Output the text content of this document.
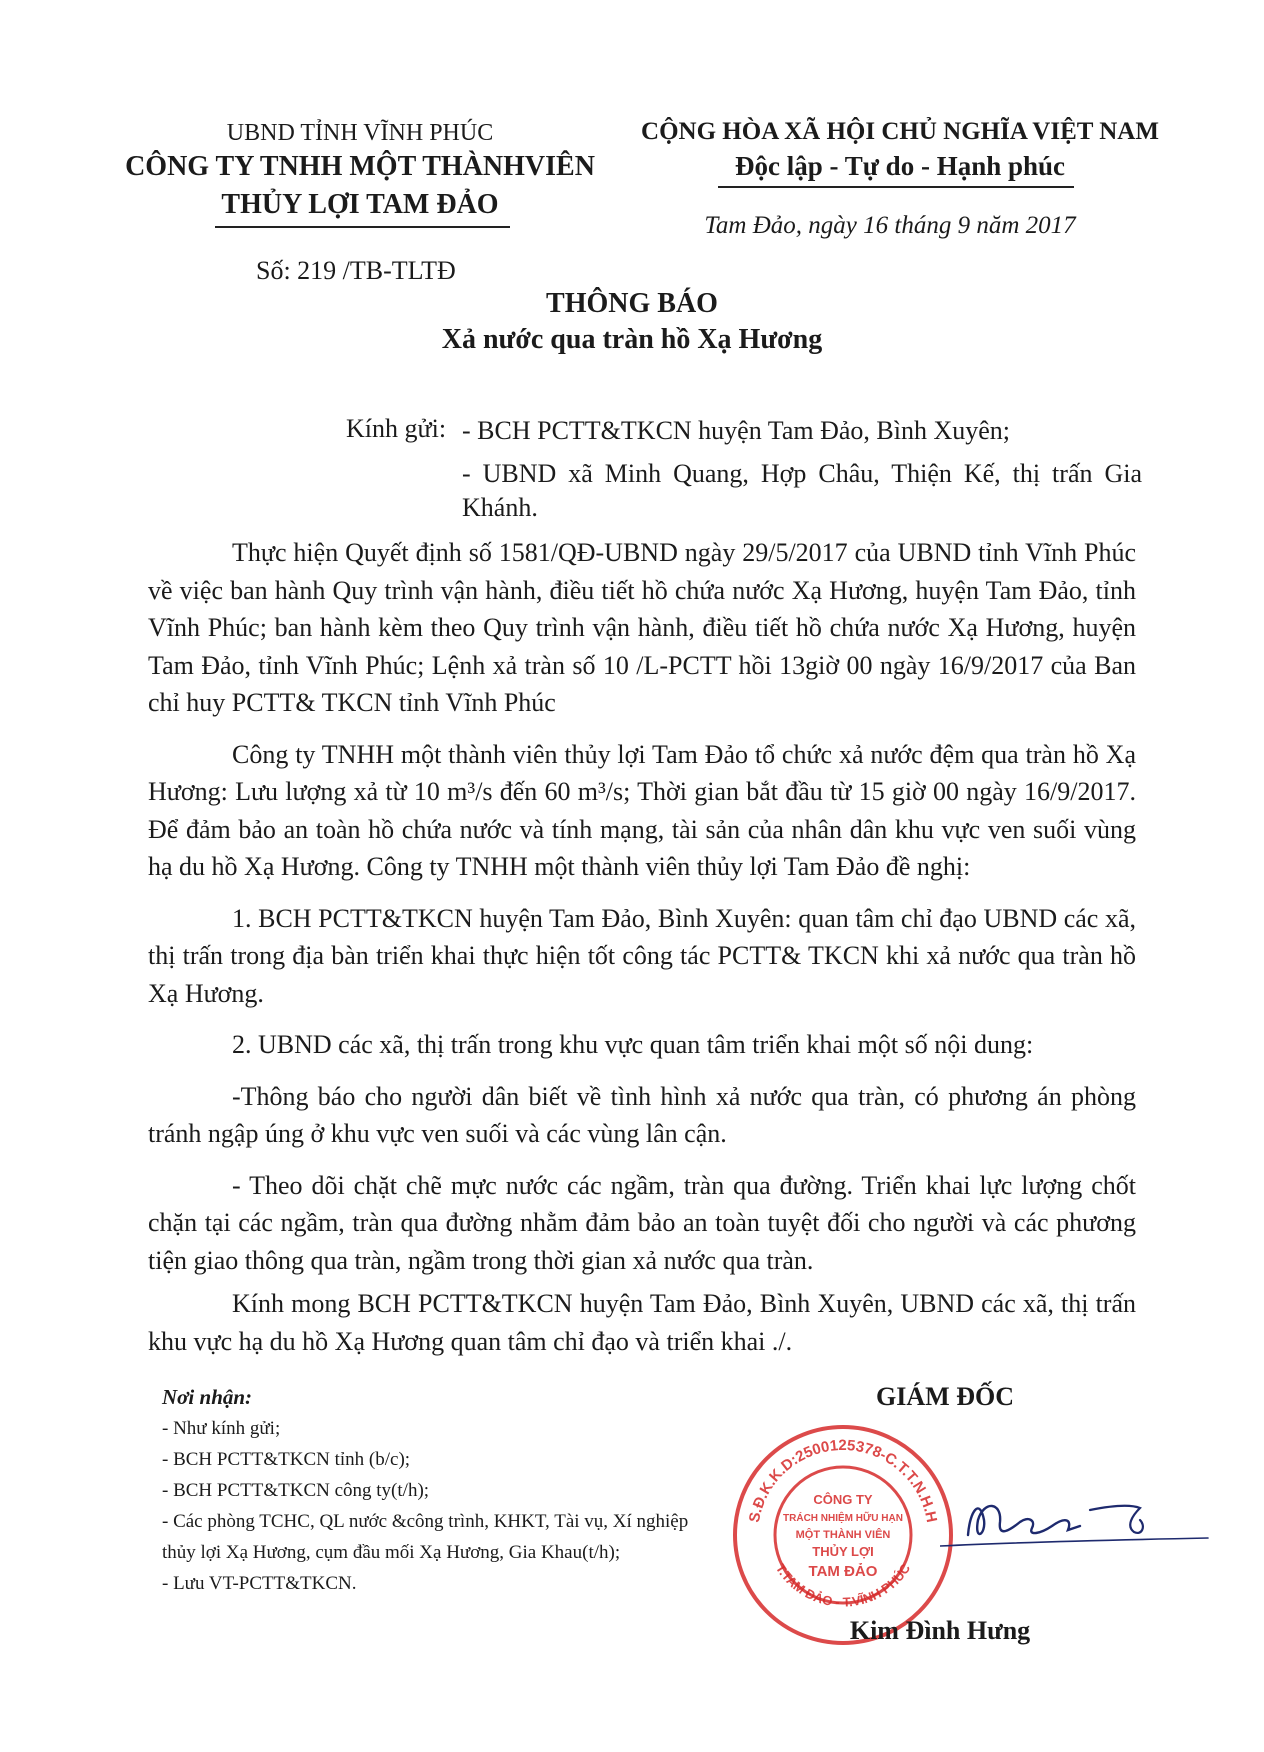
UBND TỈNH VĨNH PHÚC
CÔNG TY TNHH MỘT THÀNHVIÊN
THỦY LỢI TAM ĐẢO
Số: 219 /TB-TLTĐ
CỘNG HÒA XÃ HỘI CHỦ NGHĨA VIỆT NAM
Độc lập - Tự do - Hạnh phúc
Tam Đảo, ngày 16 tháng 9 năm 2017
THÔNG BÁO
Xả nước qua tràn hồ Xạ Hương
Kính gửi: - BCH PCTT&TKCN huyện Tam Đảo, Bình Xuyên;
- UBND xã Minh Quang, Hợp Châu, Thiện Kế, thị trấn Gia Khánh.

Thực hiện Quyết định số 1581/QĐ-UBND ngày 29/5/2017 của UBND tỉnh Vĩnh Phúc về việc ban hành Quy trình vận hành, điều tiết hồ chứa nước Xạ Hương, huyện Tam Đảo, tỉnh Vĩnh Phúc; ban hành kèm theo Quy trình vận hành, điều tiết hồ chứa nước Xạ Hương, huyện Tam Đảo, tỉnh Vĩnh Phúc; Lệnh xả tràn số 10 /L-PCTT hồi 13giờ 00 ngày 16/9/2017 của Ban chỉ huy PCTT& TKCN tỉnh Vĩnh Phúc

Công ty TNHH một thành viên thủy lợi Tam Đảo tổ chức xả nước đệm qua tràn hồ Xạ Hương: Lưu lượng xả từ 10 m³/s đến 60 m³/s; Thời gian bắt đầu từ 15 giờ 00 ngày 16/9/2017. Để đảm bảo an toàn hồ chứa nước và tính mạng, tài sản của nhân dân khu vực ven suối vùng hạ du hồ Xạ Hương. Công ty TNHH một thành viên thủy lợi Tam Đảo đề nghị:

1. BCH PCTT&TKCN huyện Tam Đảo, Bình Xuyên: quan tâm chỉ đạo UBND các xã, thị trấn trong địa bàn triển khai thực hiện tốt công tác PCTT& TKCN khi xả nước qua tràn hồ Xạ Hương.

2. UBND các xã, thị trấn trong khu vực quan tâm triển khai một số nội dung:

-Thông báo cho người dân biết về tình hình xả nước qua tràn, có phương án phòng tránh ngập úng ở khu vực ven suối và các vùng lân cận.

- Theo dõi chặt chẽ mực nước các ngầm, tràn qua đường. Triển khai lực lượng chốt chặn tại các ngầm, tràn qua đường nhằm đảm bảo an toàn tuyệt đối cho người và các phương tiện giao thông qua tràn, ngầm trong thời gian xả nước qua tràn.

Kính mong BCH PCTT&TKCN huyện Tam Đảo, Bình Xuyên, UBND các xã, thị trấn khu vực hạ du hồ Xạ Hương quan tâm chỉ đạo và triển khai ./.

Nơi nhận:
- Như kính gửi;
- BCH PCTT&TKCN tỉnh (b/c);
- BCH PCTT&TKCN công ty(t/h);
- Các phòng TCHC, QL nước &công trình, KHKT, Tài vụ, Xí nghiệp thủy lợi Xạ Hương, cụm đầu mối Xạ Hương, Gia Khau(t/h);
- Lưu VT-PCTT&TKCN.
GIÁM ĐỐC
S.Đ.K.K.D:2500125378-C.T.T.N.H.H
T.TAM ĐẢO - T.VĨNH PHÚC
CÔNG TY
TRÁCH NHIỆM HỮU HẠN
MỘT THÀNH VIÊN
THỦY LỢI
TAM ĐẢO
Kim Đình Hưng
